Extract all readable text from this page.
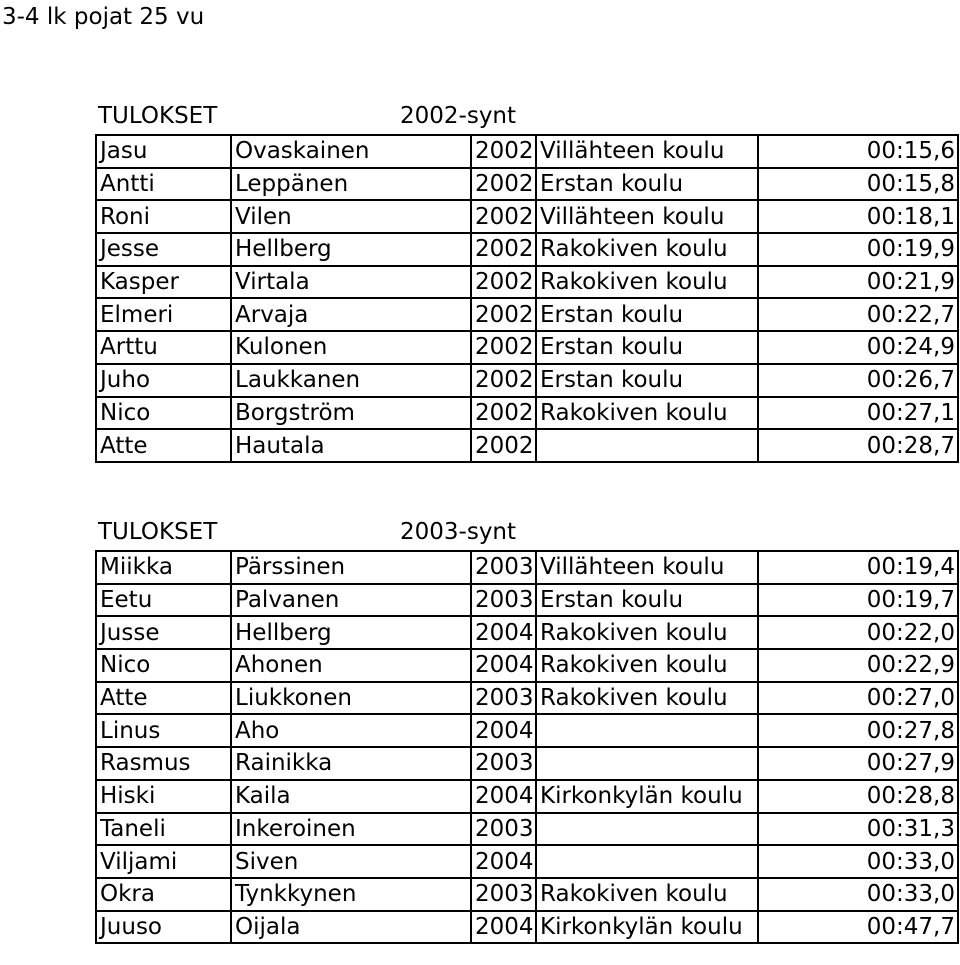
3-4 lk pojat 25 vu
TULOKSET	2002-synt
Jasu	Ovaskainen	2002	Villähteen koulu	00:15,6
Antti	Leppänen	2002	Erstan koulu	00:15,8
Roni	Vilen	2002	Villähteen koulu	00:18,1
Jesse	Hellberg	2002	Rakokiven koulu	00:19,9
Kasper	Virtala	2002	Rakokiven koulu	00:21,9
Elmeri	Arvaja	2002	Erstan koulu	00:22,7
Arttu	Kulonen	2002	Erstan koulu	00:24,9
Juho	Laukkanen	2002	Erstan koulu	00:26,7
Nico	Borgström	2002	Rakokiven koulu	00:27,1
Atte	Hautala	2002		00:28,7
TULOKSET	2003-synt
Miikka	Pärssinen	2003	Villähteen koulu	00:19,4
Eetu	Palvanen	2003	Erstan koulu	00:19,7
Jusse	Hellberg	2004	Rakokiven koulu	00:22,0
Nico	Ahonen	2004	Rakokiven koulu	00:22,9
Atte	Liukkonen	2003	Rakokiven koulu	00:27,0
Linus	Aho	2004		00:27,8
Rasmus	Rainikka	2003		00:27,9
Hiski	Kaila	2004	Kirkonkylän koulu	00:28,8
Taneli	Inkeroinen	2003		00:31,3
Viljami	Siven	2004		00:33,0
Okra	Tynkkynen	2003	Rakokiven koulu	00:33,0
Juuso	Oijala	2004	Kirkonkylän koulu	00:47,7
